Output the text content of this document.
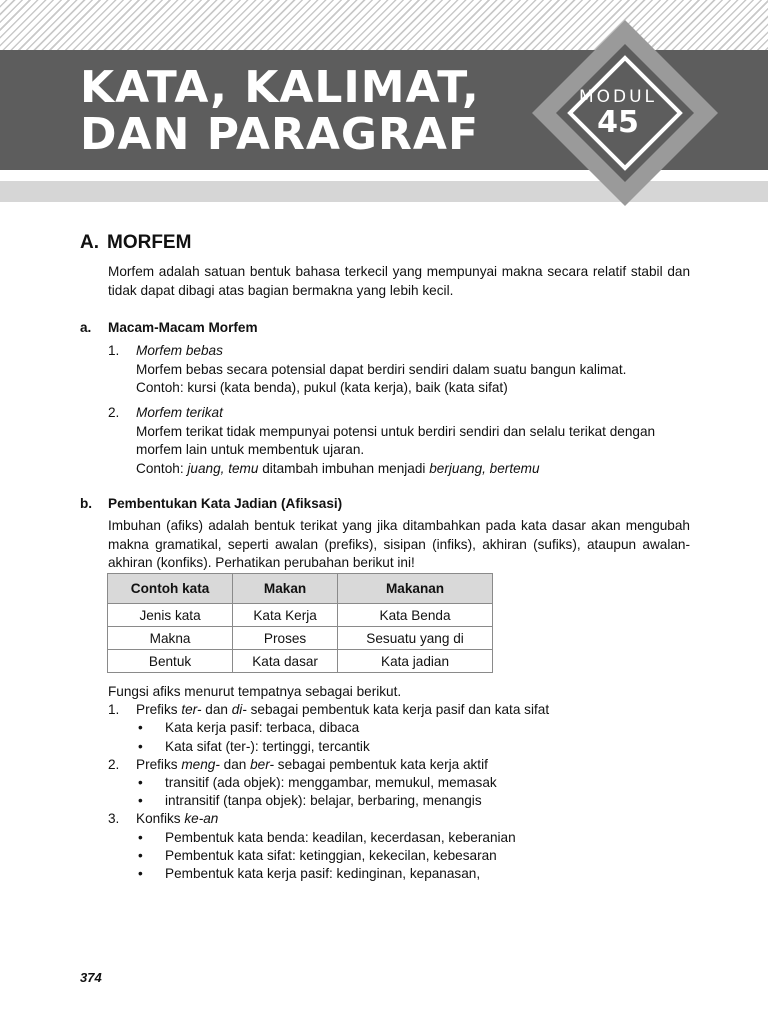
KATA, KALIMAT,
DAN PARAGRAF
MODUL
45
A. MORFEM

Morfem adalah satuan bentuk bahasa terkecil yang mempunyai makna secara relatif stabil dan tidak dapat dibagi atas bagian bermakna yang lebih kecil.

a. Macam-Macam Morfem
1. Morfem bebas
Morfem bebas secara potensial dapat berdiri sendiri dalam suatu bangun kalimat.
Contoh: kursi (kata benda), pukul (kata kerja), baik (kata sifat)
2. Morfem terikat
Morfem terikat tidak mempunyai potensi untuk berdiri sendiri dan selalu terikat dengan morfem lain untuk membentuk ujaran.
Contoh: juang, temu ditambah imbuhan menjadi berjuang, bertemu
b. Pembentukan Kata Jadian (Afiksasi)

Imbuhan (afiks) adalah bentuk terikat yang jika ditambahkan pada kata dasar akan mengubah makna gramatikal, seperti awalan (prefiks), sisipan (infiks), akhiran (sufiks), ataupun awalan-akhiran (konfiks). Perhatikan perubahan berikut ini!

Contoh kata	Makan	Makanan
Jenis kata	Kata Kerja	Kata Benda
Makna	Proses	Sesuatu yang di
Bentuk	Kata dasar	Kata jadian
Fungsi afiks menurut tempatnya sebagai berikut.
1. Prefiks ter- dan di- sebagai pembentuk kata kerja pasif dan kata sifat
• Kata kerja pasif: terbaca, dibaca
• Kata sifat (ter-): tertinggi, tercantik
2. Prefiks meng- dan ber- sebagai pembentuk kata kerja aktif
• transitif (ada objek): menggambar, memukul, memasak
• intransitif (tanpa objek): belajar, berbaring, menangis
3. Konfiks ke-an
• Pembentuk kata benda: keadilan, kecerdasan, keberanian
• Pembentuk kata sifat: ketinggian, kekecilan, kebesaran
• Pembentuk kata kerja pasif: kedinginan, kepanasan,
374
